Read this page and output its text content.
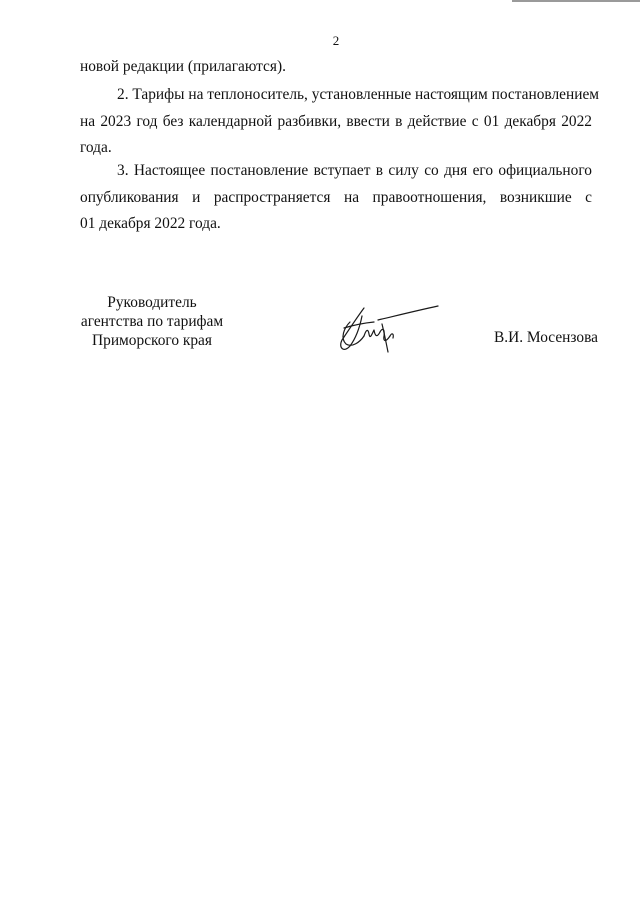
2
новой редакции (прилагаются).
2. Тарифы на теплоноситель, установленные настоящим постановлением
на 2023 год без календарной разбивки, ввести в действие с 01 декабря 2022
года.
3. Настоящее постановление вступает в силу со дня его официального
опубликования и распространяется на правоотношения, возникшие с
01 декабря 2022 года.
Руководитель
агентства по тарифам
Приморского края	В.И. Мосензова
